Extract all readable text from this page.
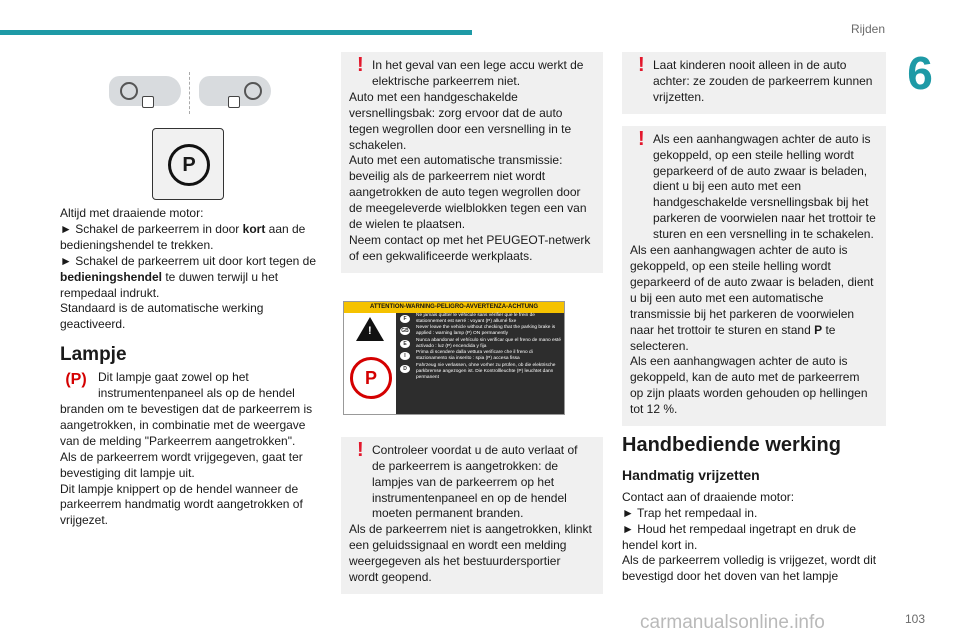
Rijden
6
P

Altijd met draaiende motor:
► Schakel de parkeerrem in door kort aan de bedieningshendel te trekken.
► Schakel de parkeerrem uit door kort tegen de bedieningshendel te duwen terwijl u het rempedaal indrukt.
Standaard is de automatische werking geactiveerd.

Lampje
(P) Dit lampje gaat zowel op het instrumentenpaneel als op de hendel branden om te bevestigen dat de parkeerrem is aangetrokken, in combinatie met de weergave van de melding "Parkeerrem aangetrokken".

Als de parkeerrem wordt vrijgegeven, gaat ter bevestiging dit lampje uit.

Dit lampje knippert op de hendel wanneer de parkeerrem handmatig wordt aangetrokken of vrijgezet.

! In het geval van een lege accu werkt de elektrische parkeerrem niet.

Auto met een handgeschakelde versnellingsbak: zorg ervoor dat de auto tegen wegrollen door een versnelling in te schakelen.

Auto met een automatische transmissie: beveilig als de parkeerrem niet wordt aangetrokken de auto tegen wegrollen door de meegeleverde wielblokken tegen een van de wielen te plaatsen.

Neem contact op met het PEUGEOT-netwerk of een gekwalificeerde werkplaats.

ATTENTION-WARNING-PELIGRO-AVVERTENZA-ACHTUNG
!
P
F
Ne jamais quitter le véhicule sans vérifier que le frein de stationnement est serré : voyant (P) allumé fixe
GB
Never leave the vehicle without checking that the parking brake is applied : warning lamp (P) ON permanently
E
Nunca abandonar el vehículo sin verificar que el freno de mano esté activado : luz (P) encendida y fija
I
Prima di scendere dalla vettura verificare che il freno di stazionamento sia inserito : spia (P) accesa fissa
D
Fahrzeug nie verlassen, ohne vorher zu prüfen, ob die elektrische parkbremse angezogen ist. Die Kontrollleuchte (P) leuchtet dann permanent
! Controleer voordat u de auto verlaat of de parkeerrem is aangetrokken: de lampjes van de parkeerrem op het instrumentenpaneel en op de hendel moeten permanent branden.

Als de parkeerrem niet is aangetrokken, klinkt een geluidssignaal en wordt een melding weergegeven als het bestuurdersportier wordt geopend.

! Laat kinderen nooit alleen in de auto achter: ze zouden de parkeerrem kunnen vrijzetten.
! Als een aanhangwagen achter de auto is gekoppeld, op een steile helling wordt geparkeerd of de auto zwaar is beladen, dient u bij een auto met een handgeschakelde versnellingsbak bij het parkeren de voorwielen naar het trottoir te sturen en een versnelling in te schakelen.

Als een aanhangwagen achter de auto is gekoppeld, op een steile helling wordt geparkeerd of de auto zwaar is beladen, dient u bij een auto met een automatische transmissie bij het parkeren de voorwielen naar het trottoir te sturen en stand P te selecteren.

Als een aanhangwagen achter de auto is gekoppeld, kan de auto met de parkeerrem op zijn plaats worden gehouden op hellingen tot 12 %.

Handbediende werking
Handmatig vrijzetten

Contact aan of draaiende motor:
► Trap het rempedaal in.
► Houd het rempedaal ingetrapt en druk de hendel kort in.
Als de parkeerrem volledig is vrijgezet, wordt dit bevestigd door het doven van het lampje

carmanualsonline.info	103
